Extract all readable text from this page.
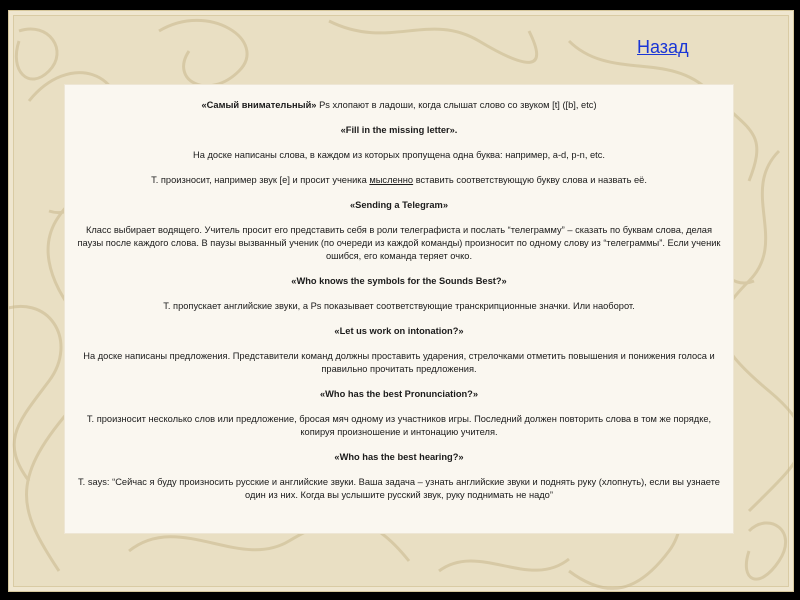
Назад

«Самый внимательный» Ps хлопают в ладоши, когда слышат слово со звуком [t] ([b], etc)

«Fill in the missing letter».

На доске написаны слова, в каждом из которых пропущена одна буква: например, a-d, p-n, etc.

Т. произносит, например звук [e] и просит ученика мысленно вставить соответствующую букву слова и назвать её.

«Sending a Telegram»

Класс выбирает водящего. Учитель просит его представить себя в роли телеграфиста и послать “телеграмму” – сказать по буквам слова, делая паузы после каждого слова. В паузы вызванный ученик (по очереди из каждой команды) произносит по одному слову из “телеграммы”. Если ученик ошибся, его команда теряет очко.

«Who knows the symbols for the Sounds Best?»

Т. пропускает английские звуки, а Ps показывает соответствующие транскрипционные значки. Или наоборот.

«Let us work on intonation?»

На доске написаны предложения. Представители команд должны проставить ударения, стрелочками отметить повышения и понижения голоса и правильно прочитать предложения.

«Who has the best Pronunciation?»

Т. произносит несколько слов или предложение, бросая мяч одному из участников игры. Последний должен повторить слова в том же порядке, копируя произношение и интонацию учителя.

«Who has the best hearing?»

T. says: “Сейчас я буду произносить русские и английские звуки. Ваша задача – узнать английские звуки и поднять руку (хлопнуть), если вы узнаете один из них. Когда вы услышите русский звук, руку поднимать не надо”
